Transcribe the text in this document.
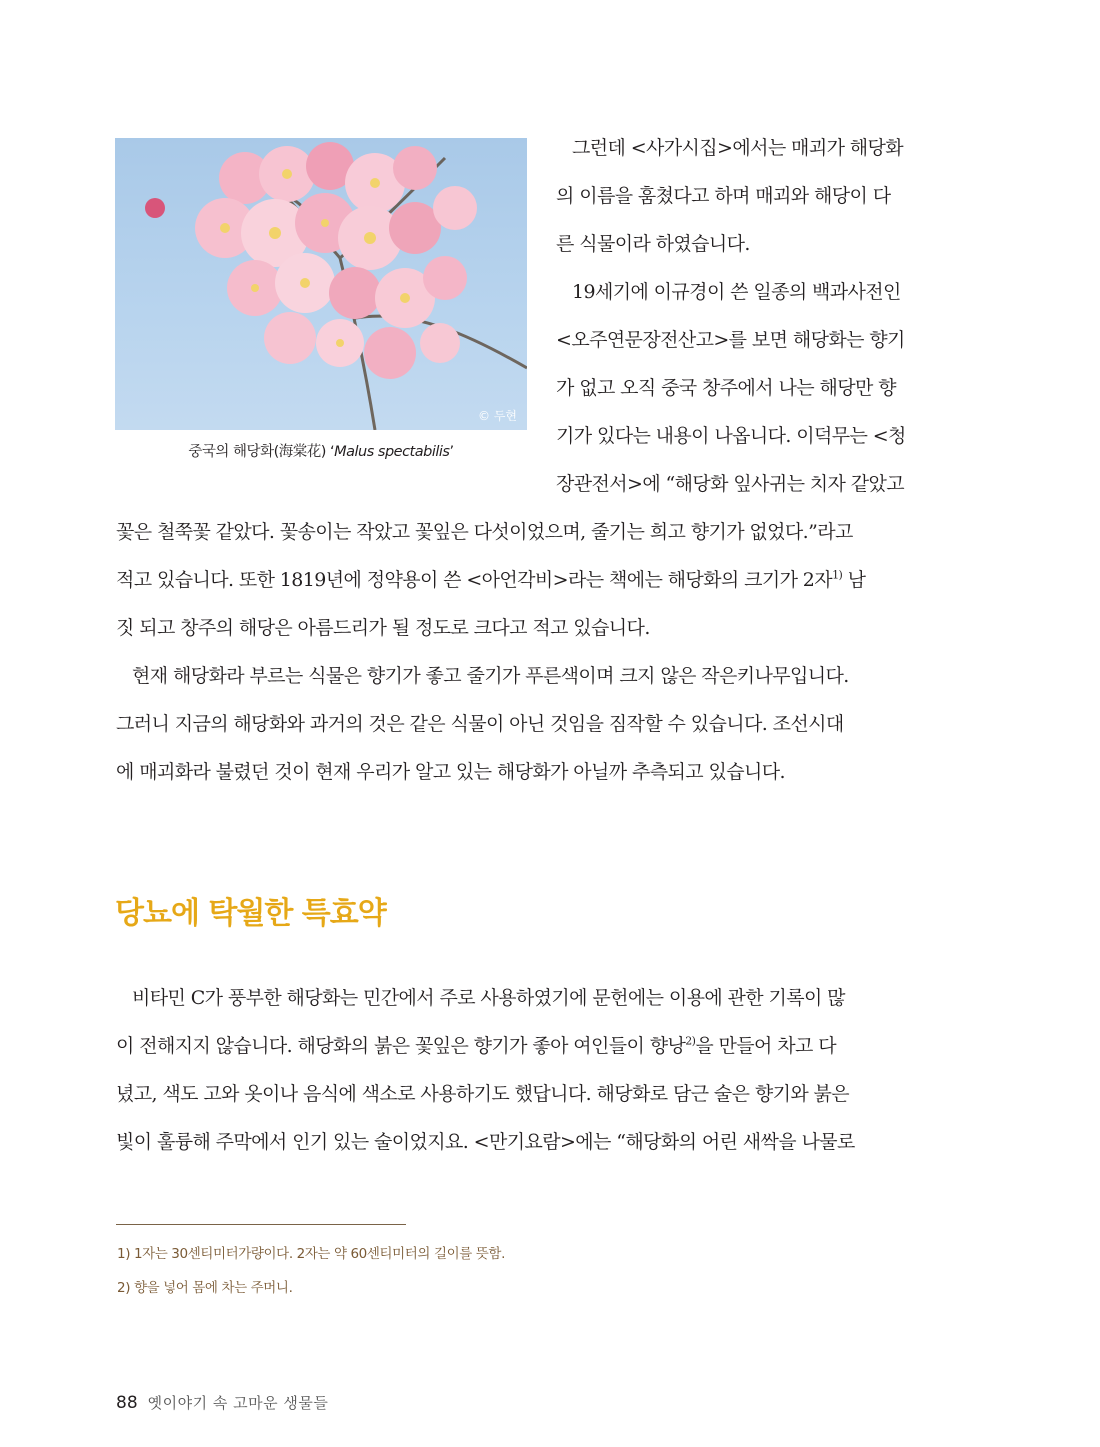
© 두현
중국의 해당화(海棠花) ‘Malus spectabilis’
그런데 <사가시집>에서는 매괴가 해당화
의 이름을 훔쳤다고 하며 매괴와 해당이 다
른 식물이라 하였습니다.
19세기에 이규경이 쓴 일종의 백과사전인
<오주연문장전산고>를 보면 해당화는 향기
가 없고 오직 중국 창주에서 나는 해당만 향
기가 있다는 내용이 나옵니다. 이덕무는 <청
장관전서>에 “해당화 잎사귀는 치자 같았고
꽃은 철쭉꽃 같았다. 꽃송이는 작았고 꽃잎은 다섯이었으며, 줄기는 희고 향기가 없었다.”라고
적고 있습니다. 또한 1819년에 정약용이 쓴 <아언각비>라는 책에는 해당화의 크기가 2자$^{1)}$ 남
짓 되고 창주의 해당은 아름드리가 될 정도로 크다고 적고 있습니다.
현재 해당화라 부르는 식물은 향기가 좋고 줄기가 푸른색이며 크지 않은 작은키나무입니다.
그러니 지금의 해당화와 과거의 것은 같은 식물이 아닌 것임을 짐작할 수 있습니다. 조선시대
에 매괴화라 불렸던 것이 현재 우리가 알고 있는 해당화가 아닐까 추측되고 있습니다.
당뇨에 탁월한 특효약
비타민 C가 풍부한 해당화는 민간에서 주로 사용하였기에 문헌에는 이용에 관한 기록이 많
이 전해지지 않습니다. 해당화의 붉은 꽃잎은 향기가 좋아 여인들이 향낭$^{2)}$을 만들어 차고 다
녔고, 색도 고와 옷이나 음식에 색소로 사용하기도 했답니다. 해당화로 담근 술은 향기와 붉은
빛이 훌륭해 주막에서 인기 있는 술이었지요. <만기요람>에는 “해당화의 어린 새싹을 나물로
1) 1자는 30센티미터가량이다. 2자는 약 60센티미터의 길이를 뜻함.
2) 향을 넣어 몸에 차는 주머니.
88 옛이야기 속 고마운 생물들
